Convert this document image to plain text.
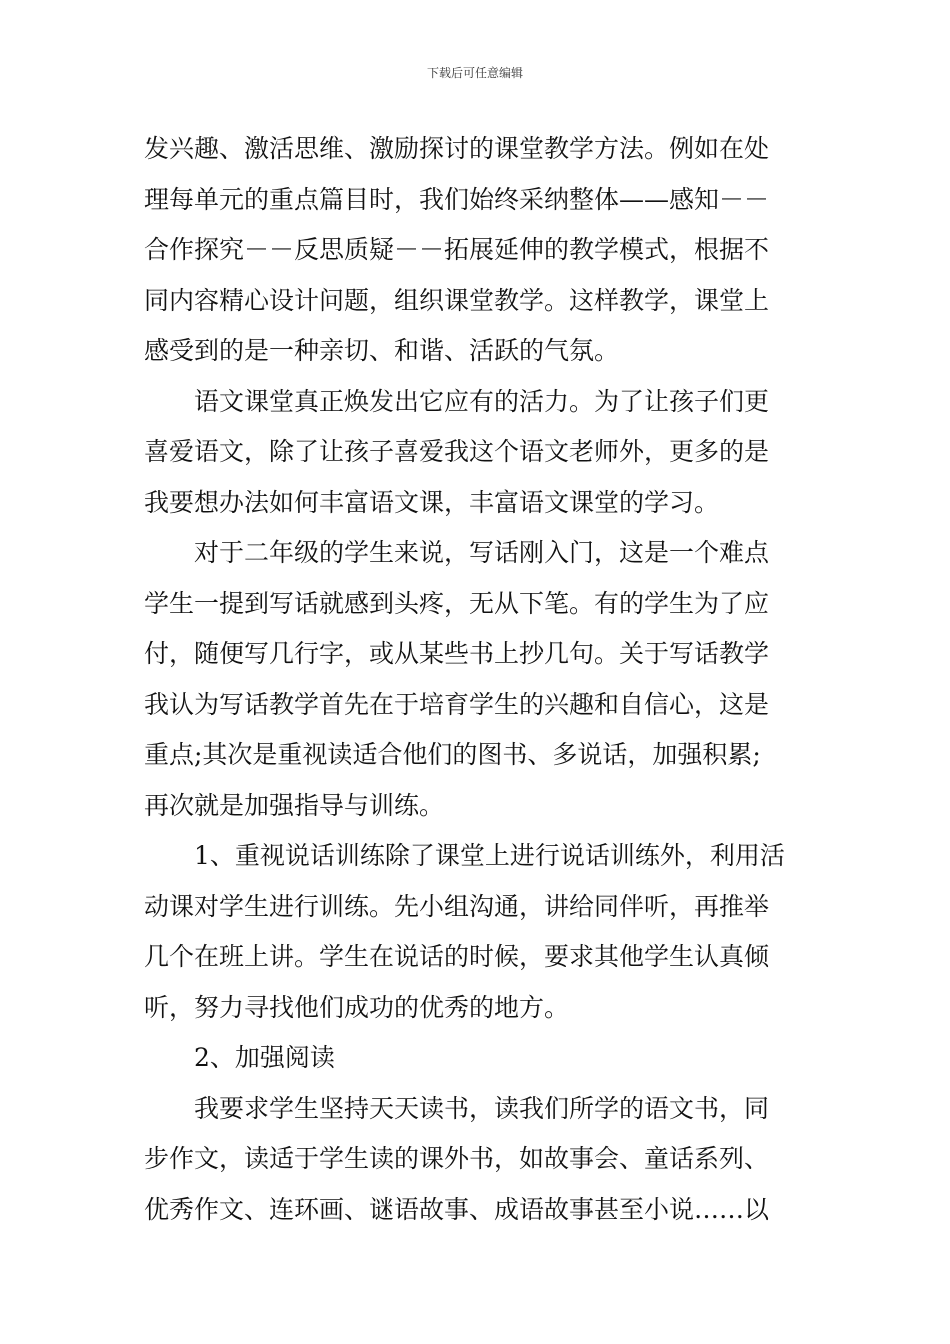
下载后可任意编辑
发兴趣、激活思维、激励探讨的课堂教学方法。例如在处
理每单元的重点篇目时，我们始终采纳整体——感知－－
合作探究－－反思质疑－－拓展延伸的教学模式，根据不
同内容精心设计问题，组织课堂教学。这样教学，课堂上
感受到的是一种亲切、和谐、活跃的气氛。
语文课堂真正焕发出它应有的活力。为了让孩子们更
喜爱语文，除了让孩子喜爱我这个语文老师外，更多的是
我要想办法如何丰富语文课，丰富语文课堂的学习。
对于二年级的学生来说，写话刚入门，这是一个难点
学生一提到写话就感到头疼，无从下笔。有的学生为了应
付，随便写几行字，或从某些书上抄几句。关于写话教学
我认为写话教学首先在于培育学生的兴趣和自信心，这是
重点;其次是重视读适合他们的图书、多说话，加强积累;
再次就是加强指导与训练。
1、重视说话训练除了课堂上进行说话训练外，利用活
动课对学生进行训练。先小组沟通，讲给同伴听，再推举
几个在班上讲。学生在说话的时候，要求其他学生认真倾
听，努力寻找他们成功的优秀的地方。
2、加强阅读
我要求学生坚持天天读书，读我们所学的语文书，同
步作文，读适于学生读的课外书，如故事会、童话系列、
优秀作文、连环画、谜语故事、成语故事甚至小说……以
